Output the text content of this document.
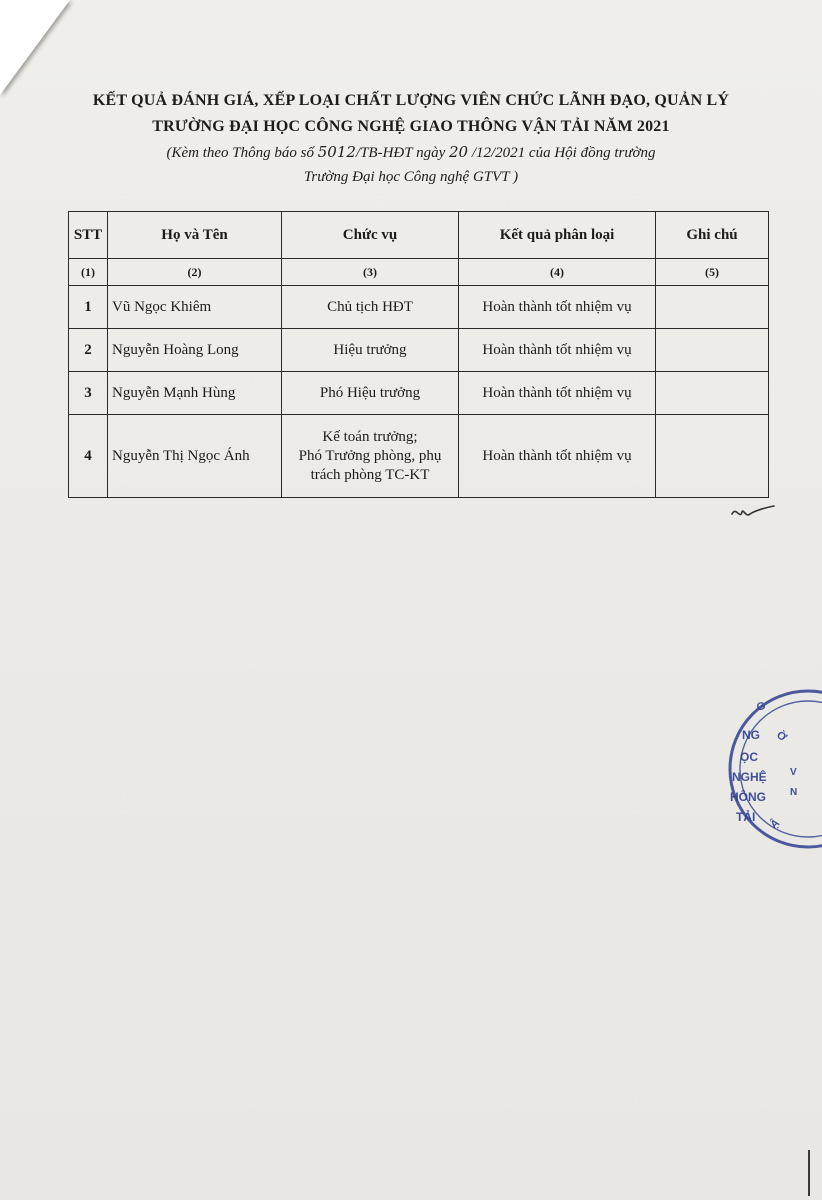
KẾT QUẢ ĐÁNH GIÁ, XẾP LOẠI CHẤT LƯỢNG VIÊN CHỨC LÃNH ĐẠO, QUẢN LÝ
TRƯỜNG ĐẠI HỌC CÔNG NGHỆ GIAO THÔNG VẬN TẢI NĂM 2021
(Kèm theo Thông báo số 5012/TB-HĐT ngày 20 /12/2021 của Hội đồng trường
Trường Đại học Công nghệ GTVT )
STT	Họ và Tên	Chức vụ	Kết quả phân loại	Ghi chú
(1)	(2)	(3)	(4)	(5)
1	Vũ Ngọc Khiêm	Chủ tịch HĐT	Hoàn thành tốt nhiệm vụ	
2	Nguyễn Hoàng Long	Hiệu trưởng	Hoàn thành tốt nhiệm vụ	
3	Nguyễn Mạnh Hùng	Phó Hiệu trưởng	Hoàn thành tốt nhiệm vụ	
4	Nguyễn Thị Ngọc Ánh	Kế toán trưởng;
Phó Trưởng phòng, phụ
trách phòng TC-KT	Hoàn thành tốt nhiệm vụ	
G
Ờ
V
N
Ậ
NG
ỌC
NGHỆ
HÔNG
TẢI
